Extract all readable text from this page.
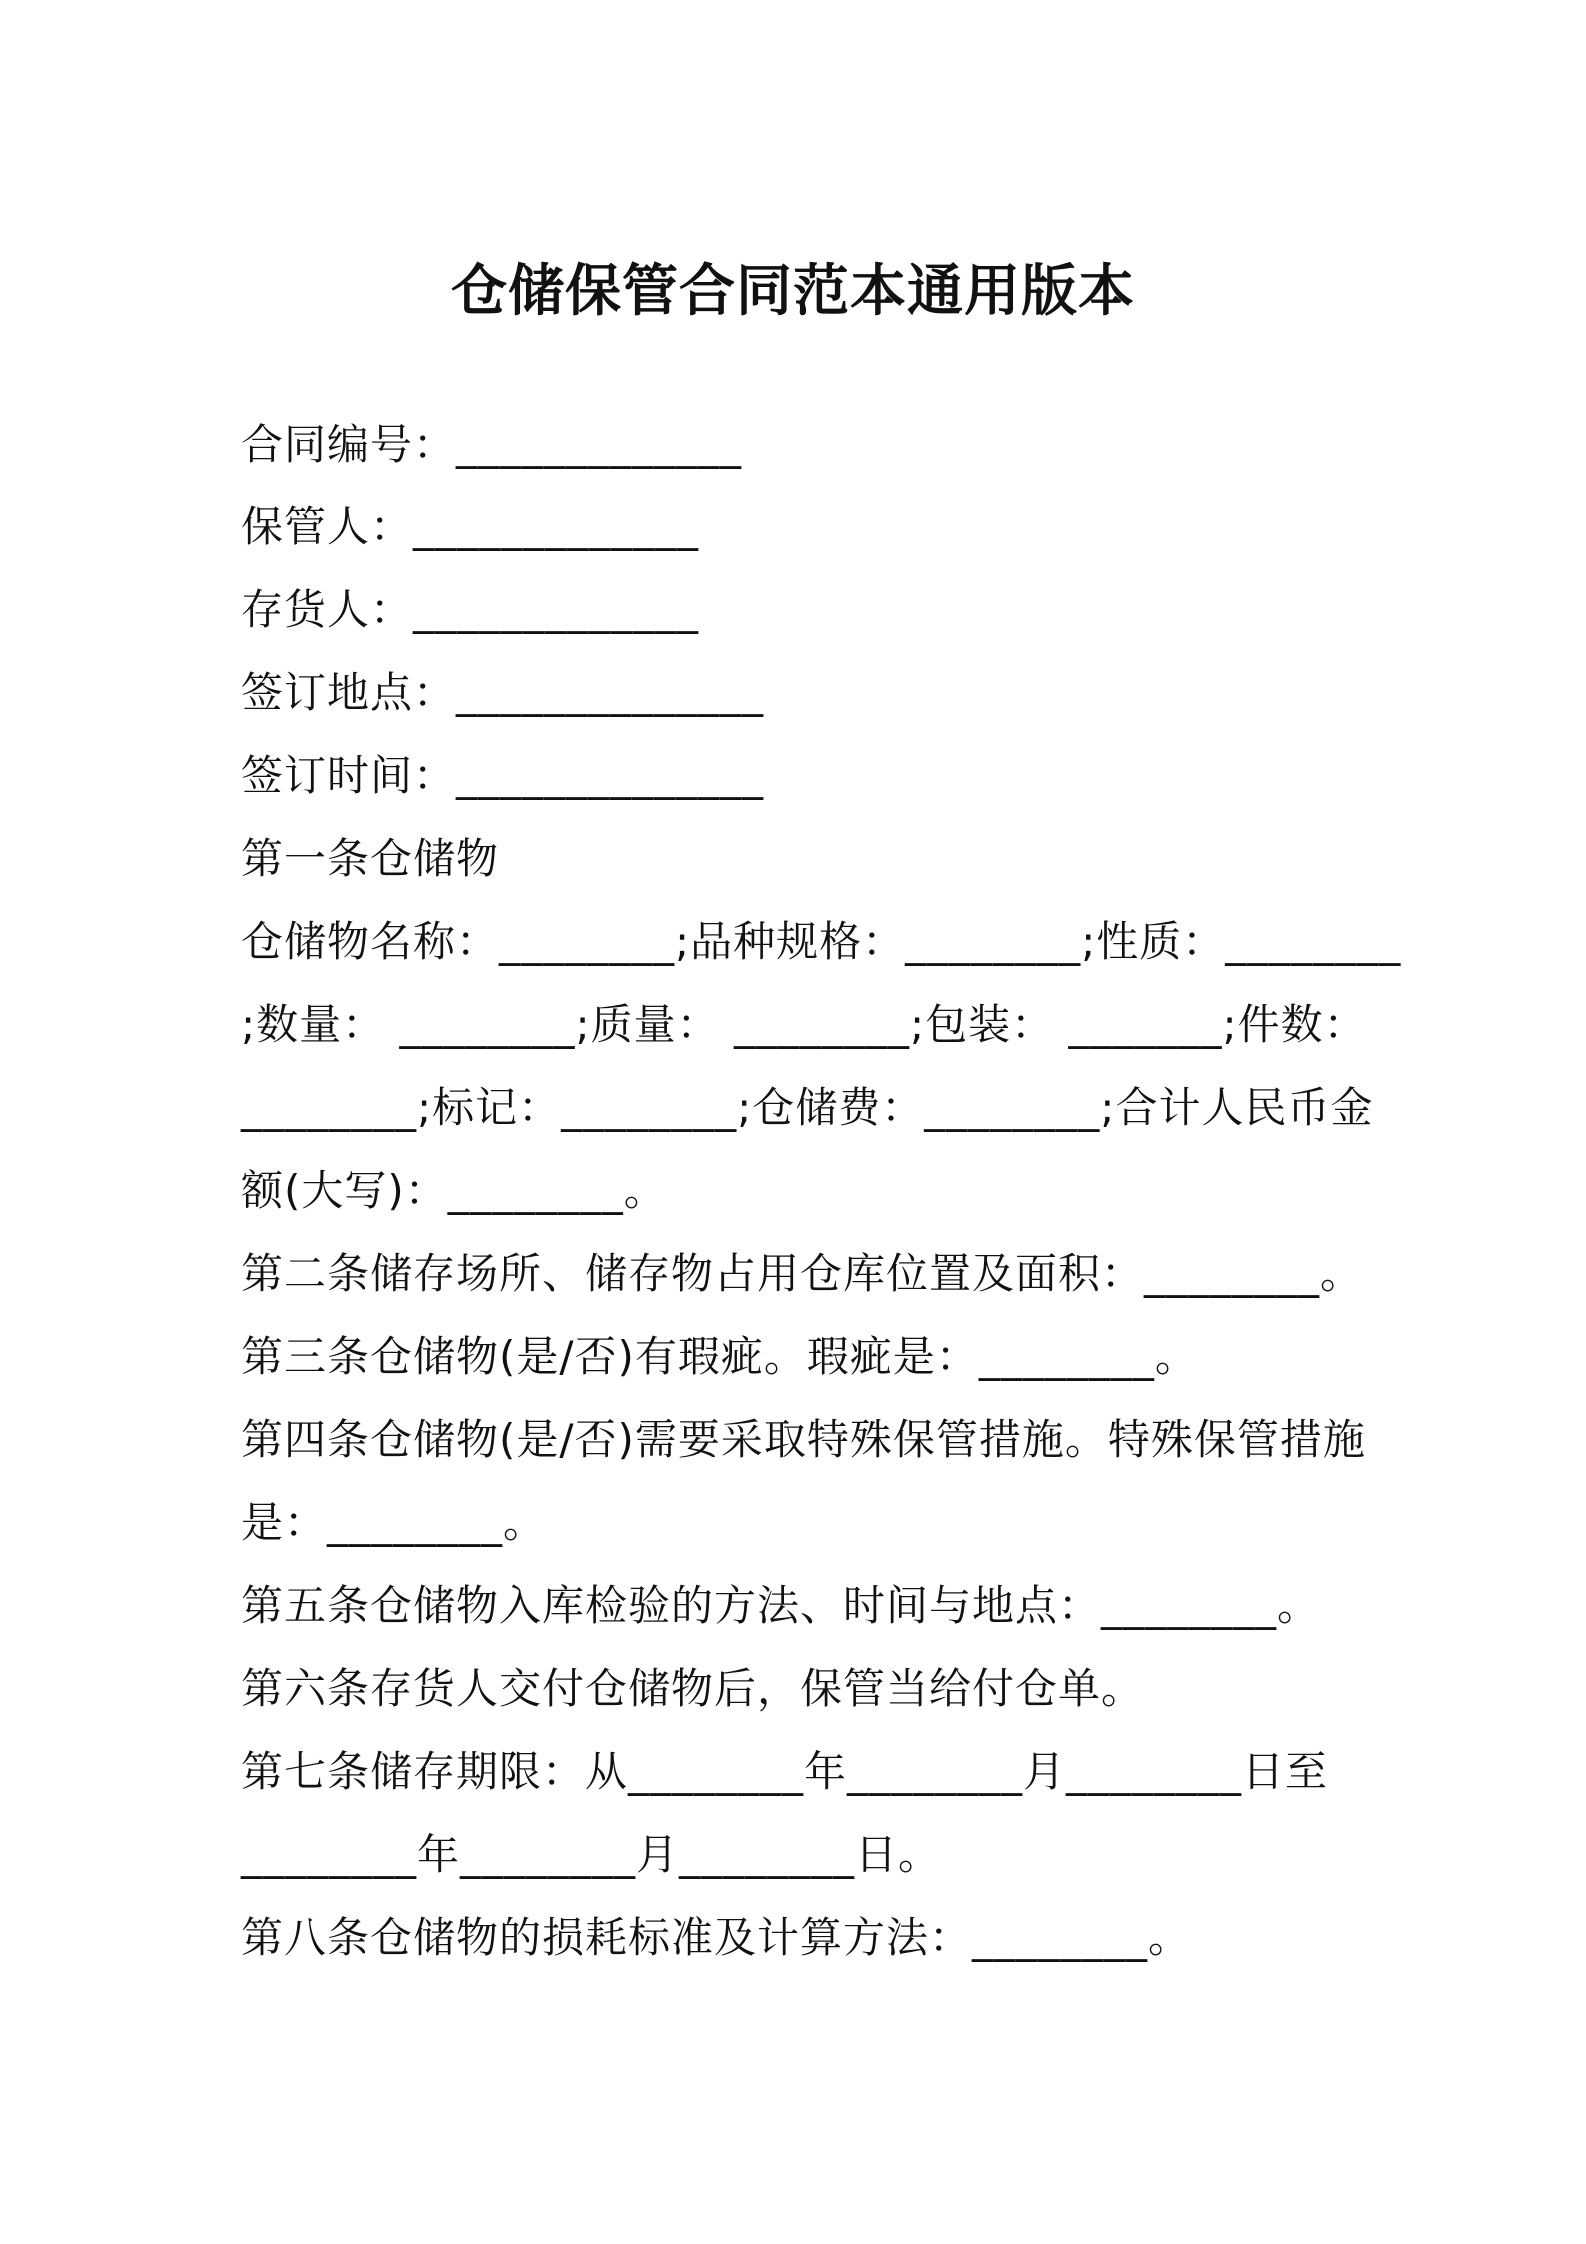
仓储保管合同范本通用版本
合同编号：_____________
保管人：_____________
存货人：_____________
签订地点：______________
签订时间：______________
第一条仓储物
仓储物名称：________;品种规格：________;性质：________
;数量： ________;质量： ________;包装： _______;件数：
________;标记：________;仓储费：________;合计人民币金
额(大写)：________。
第二条储存场所、储存物占用仓库位置及面积：________。
第三条仓储物(是/否)有瑕疵。瑕疵是：________。
第四条仓储物(是/否)需要采取特殊保管措施。特殊保管措施
是：________。
第五条仓储物入库检验的方法、时间与地点：________。
第六条存货人交付仓储物后，保管当给付仓单。
第七条储存期限：从________年________月________日至
________年________月________日。
第八条仓储物的损耗标准及计算方法：________。
